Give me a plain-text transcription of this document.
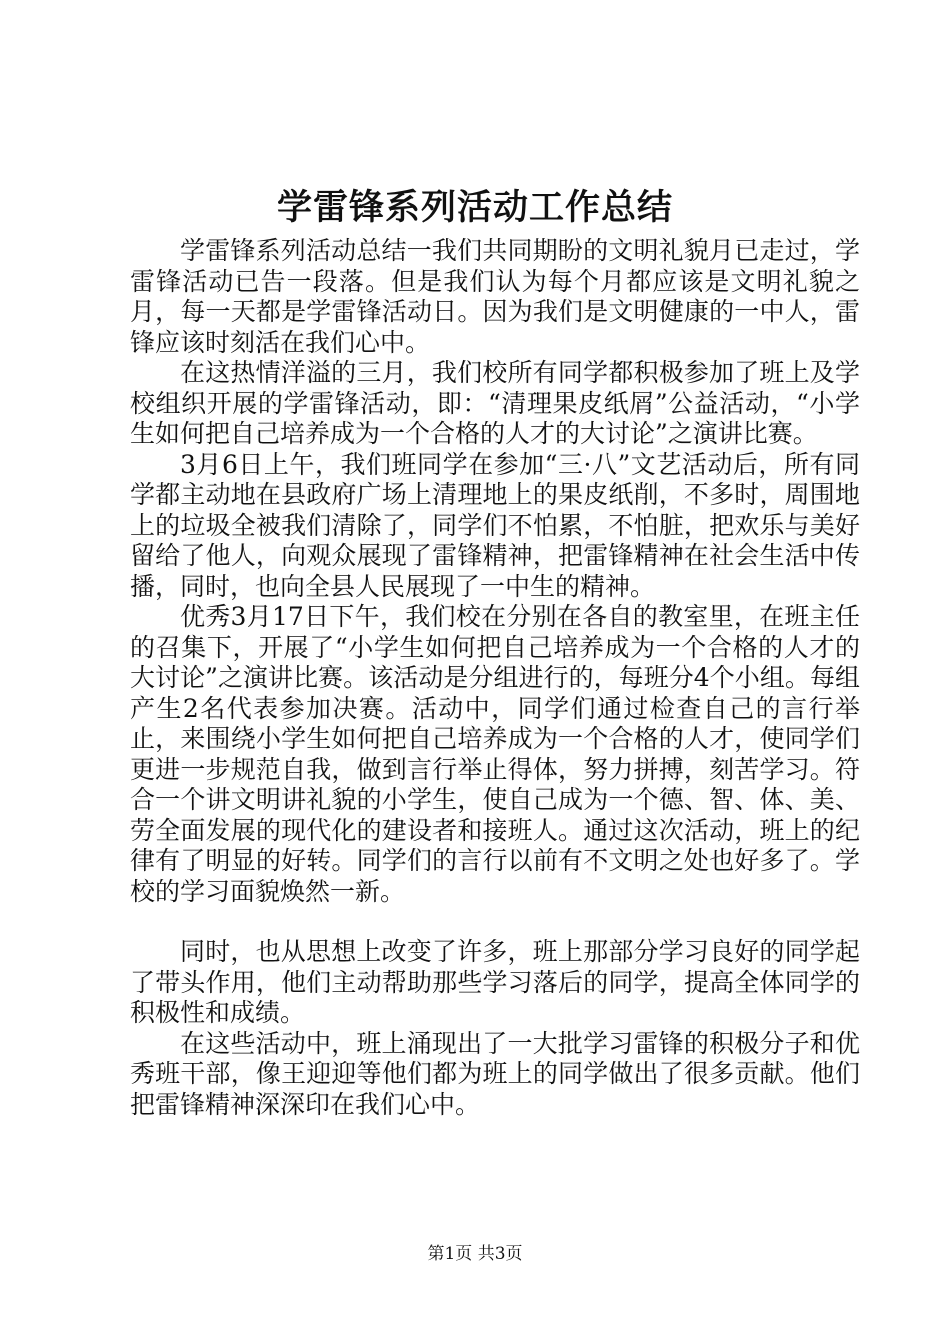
学雷锋系列活动工作总结

学雷锋系列活动总结一我们共同期盼的文明礼貌月已走过，学雷锋活动已告一段落。但是我们认为每个月都应该是文明礼貌之月，每一天都是学雷锋活动日。因为我们是文明健康的一中人，雷锋应该时刻活在我们心中。

在这热情洋溢的三月，我们校所有同学都积极参加了班上及学校组织开展的学雷锋活动，即：“清理果皮纸屑”公益活动，“小学生如何把自己培养成为一个合格的人才的大讨论”之演讲比赛。

3月6日上午，我们班同学在参加“三·八”文艺活动后，所有同学都主动地在县政府广场上清理地上的果皮纸削，不多时，周围地上的垃圾全被我们清除了，同学们不怕累，不怕脏，把欢乐与美好留给了他人，向观众展现了雷锋精神，把雷锋精神在社会生活中传播，同时，也向全县人民展现了一中生的精神。

优秀3月17日下午，我们校在分别在各自的教室里，在班主任的召集下，开展了“小学生如何把自己培养成为一个合格的人才的大讨论”之演讲比赛。该活动是分组进行的，每班分4个小组。每组产生2名代表参加决赛。活动中，同学们通过检查自己的言行举止，来围绕小学生如何把自己培养成为一个合格的人才，使同学们更进一步规范自我，做到言行举止得体，努力拼搏，刻苦学习。符合一个讲文明讲礼貌的小学生，使自己成为一个德、智、体、美、劳全面发展的现代化的建设者和接班人。通过这次活动，班上的纪律有了明显的好转。同学们的言行以前有不文明之处也好多了。学校的学习面貌焕然一新。

同时，也从思想上改变了许多，班上那部分学习良好的同学起了带头作用，他们主动帮助那些学习落后的同学，提高全体同学的积极性和成绩。

在这些活动中，班上涌现出了一大批学习雷锋的积极分子和优秀班干部，像王迎迎等他们都为班上的同学做出了很多贡献。他们把雷锋精神深深印在我们心中。

第1页 共3页
